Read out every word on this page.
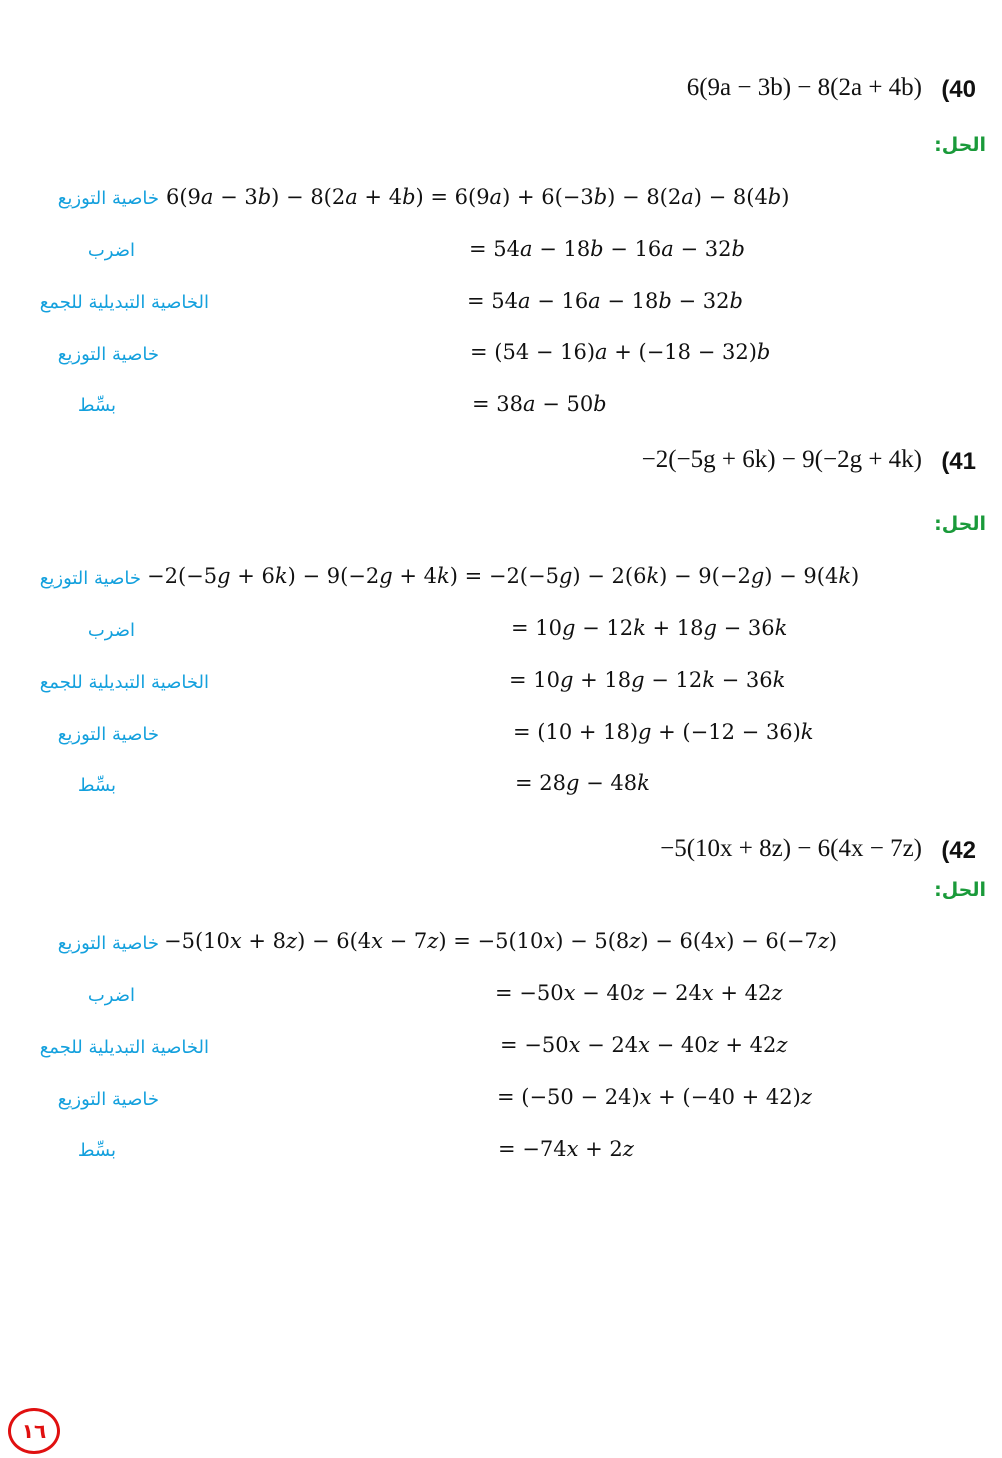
6(9a − 3b) − 8(2a + 4b) (40
الحل:
خاصية التوزيع 6(9𝑎 − 3𝑏) − 8(2𝑎 + 4𝑏) = 6(9𝑎) + 6(−3𝑏) − 8(2𝑎) − 8(4𝑏)
اضرب	= 54𝑎 − 18𝑏 − 16𝑎 − 32𝑏
الخاصية التبديلية للجمع	= 54𝑎 − 16𝑎 − 18𝑏 − 32𝑏
خاصية التوزيع	= (54 − 16)𝑎 + (−18 − 32)𝑏
بسِّط	= 38𝑎 − 50𝑏
−2(−5g + 6k) − 9(−2g + 4k) (41
الحل:
خاصية التوزيع −2(−5𝑔 + 6𝑘) − 9(−2𝑔 + 4𝑘) = −2(−5𝑔) − 2(6𝑘) − 9(−2𝑔) − 9(4𝑘)
اضرب	= 10𝑔 − 12𝑘 + 18𝑔 − 36𝑘
الخاصية التبديلية للجمع	= 10𝑔 + 18𝑔 − 12𝑘 − 36𝑘
خاصية التوزيع	= (10 + 18)𝑔 + (−12 − 36)𝑘
بسِّط	= 28𝑔 − 48𝑘
−5(10x + 8z) − 6(4x − 7z) (42
الحل:
خاصية التوزيع −5(10𝑥 + 8𝑧) − 6(4𝑥 − 7𝑧) = −5(10𝑥) − 5(8𝑧) − 6(4𝑥) − 6(−7𝑧)
اضرب	= −50𝑥 − 40𝑧 − 24𝑥 + 42𝑧
الخاصية التبديلية للجمع	= −50𝑥 − 24𝑥 − 40𝑧 + 42𝑧
خاصية التوزيع	= (−50 − 24)𝑥 + (−40 + 42)𝑧
بسِّط	= −74𝑥 + 2𝑧
١٦
